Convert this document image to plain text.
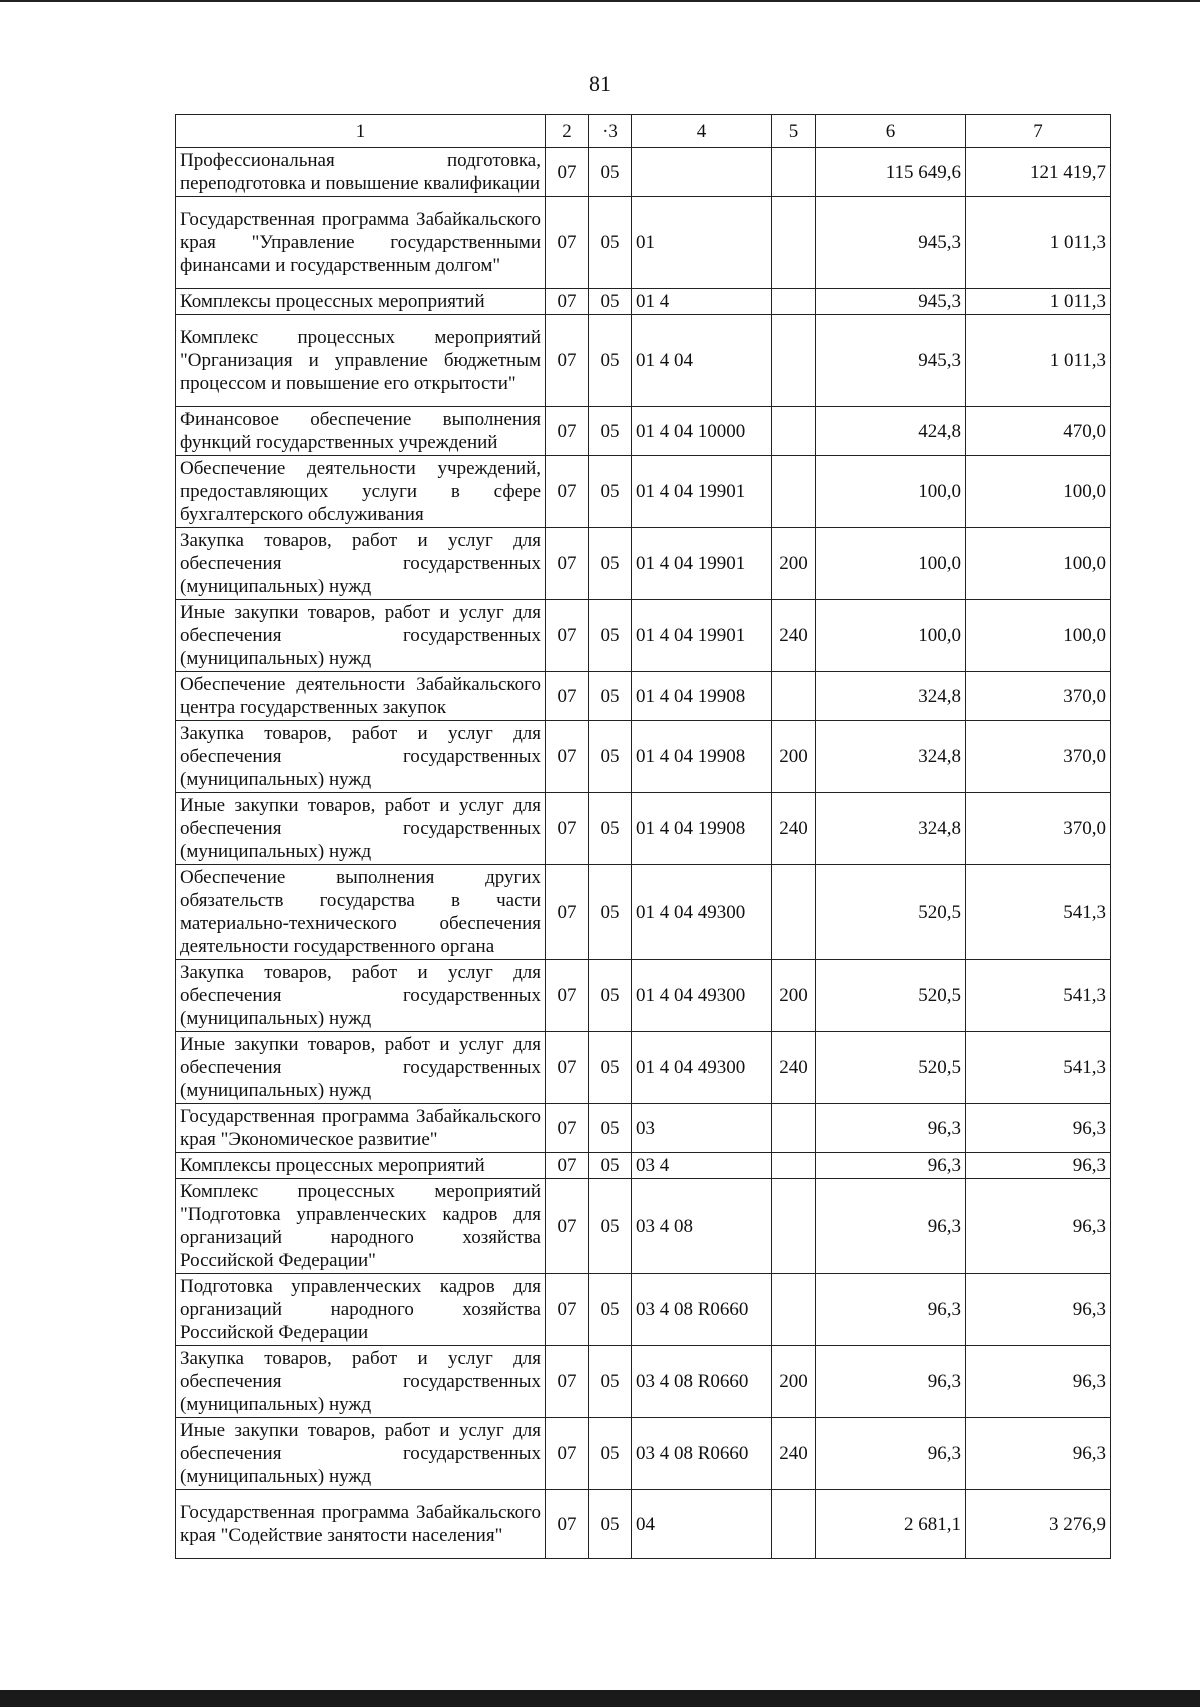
81
1	2	·3	4	5	6	7
Профессиональная подготовка, переподготовка и повышение квалификации	07	05			115 649,6	121 419,7
Государственная программа Забайкальского края "Управление государственными финансами и государственным долгом"	07	05	01		945,3	1 011,3
Комплексы процессных мероприятий	07	05	01 4		945,3	1 011,3
Комплекс процессных мероприятий "Организация и управление бюджетным процессом и повышение его открытости"	07	05	01 4 04		945,3	1 011,3
Финансовое обеспечение выполнения функций государственных учреждений	07	05	01 4 04 10000		424,8	470,0
Обеспечение деятельности учреждений, предоставляющих услуги в сфере бухгалтерского обслуживания	07	05	01 4 04 19901		100,0	100,0
Закупка товаров, работ и услуг для обеспечения государственных (муниципальных) нужд	07	05	01 4 04 19901	200	100,0	100,0
Иные закупки товаров, работ и услуг для обеспечения государственных (муниципальных) нужд	07	05	01 4 04 19901	240	100,0	100,0
Обеспечение деятельности Забайкальского центра государственных закупок	07	05	01 4 04 19908		324,8	370,0
Закупка товаров, работ и услуг для обеспечения государственных (муниципальных) нужд	07	05	01 4 04 19908	200	324,8	370,0
Иные закупки товаров, работ и услуг для обеспечения государственных (муниципальных) нужд	07	05	01 4 04 19908	240	324,8	370,0
Обеспечение выполнения других обязательств государства в части материально-технического обеспечения деятельности государственного органа	07	05	01 4 04 49300		520,5	541,3
Закупка товаров, работ и услуг для обеспечения государственных (муниципальных) нужд	07	05	01 4 04 49300	200	520,5	541,3
Иные закупки товаров, работ и услуг для обеспечения государственных (муниципальных) нужд	07	05	01 4 04 49300	240	520,5	541,3
Государственная программа Забайкальского края "Экономическое развитие"	07	05	03		96,3	96,3
Комплексы процессных мероприятий	07	05	03 4		96,3	96,3
Комплекс процессных мероприятий "Подготовка управленческих кадров для организаций народного хозяйства Российской Федерации"	07	05	03 4 08		96,3	96,3
Подготовка управленческих кадров для организаций народного хозяйства Российской Федерации	07	05	03 4 08 R0660		96,3	96,3
Закупка товаров, работ и услуг для обеспечения государственных (муниципальных) нужд	07	05	03 4 08 R0660	200	96,3	96,3
Иные закупки товаров, работ и услуг для обеспечения государственных (муниципальных) нужд	07	05	03 4 08 R0660	240	96,3	96,3
Государственная программа Забайкальского края "Содействие занятости населения"	07	05	04		2 681,1	3 276,9
